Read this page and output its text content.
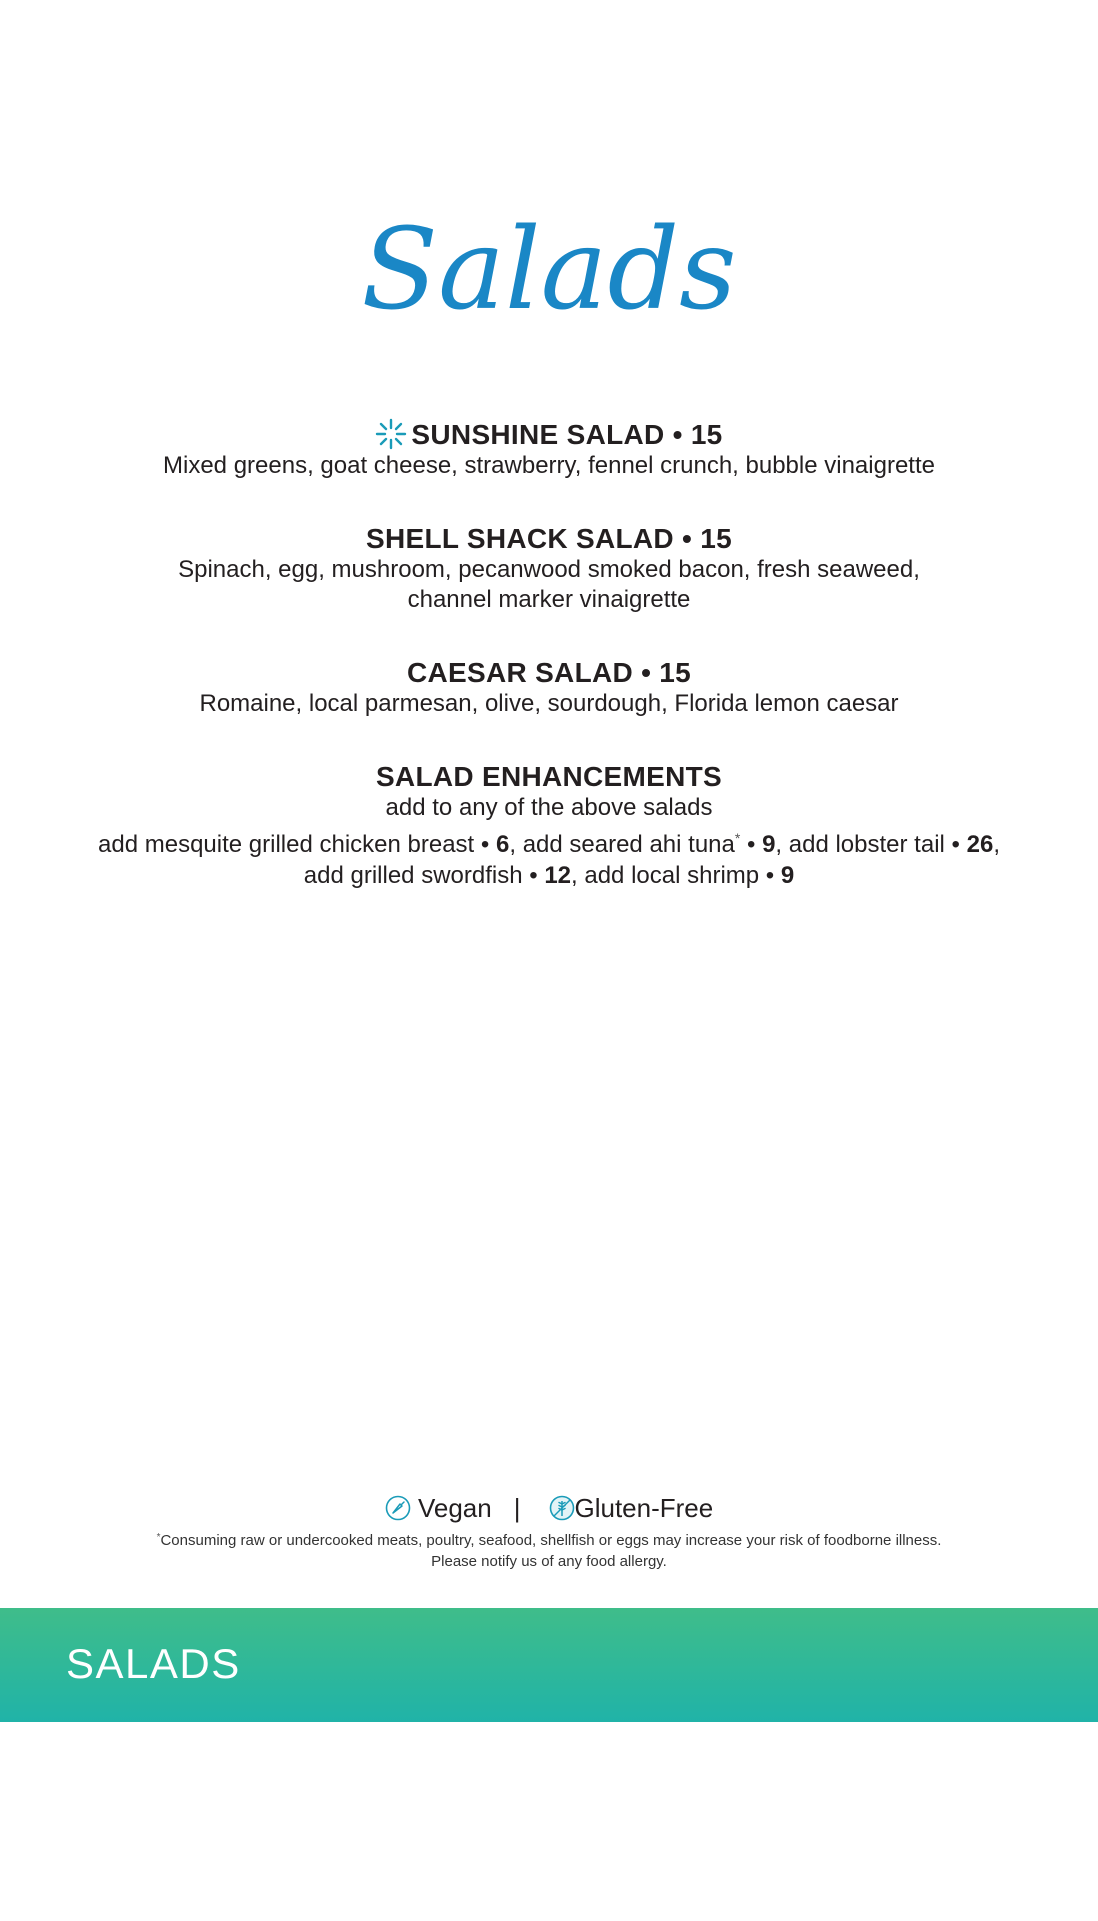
Salads
SUNSHINE SALAD • 15
Mixed greens, goat cheese, strawberry, fennel crunch, bubble vinaigrette
SHELL SHACK SALAD • 15
Spinach, egg, mushroom, pecanwood smoked bacon, fresh seaweed,
channel marker vinaigrette
CAESAR SALAD • 15
Romaine, local parmesan, olive, sourdough, Florida lemon caesar
SALAD ENHANCEMENTS
add to any of the above salads
add mesquite grilled chicken breast • 6, add seared ahi tuna* • 9, add lobster tail • 26,
add grilled swordfish • 12, add local shrimp • 9
Vegan | Gluten-Free
*Consuming raw or undercooked meats, poultry, seafood, shellfish or eggs may increase your risk of foodborne illness.
Please notify us of any food allergy.
SALADS
